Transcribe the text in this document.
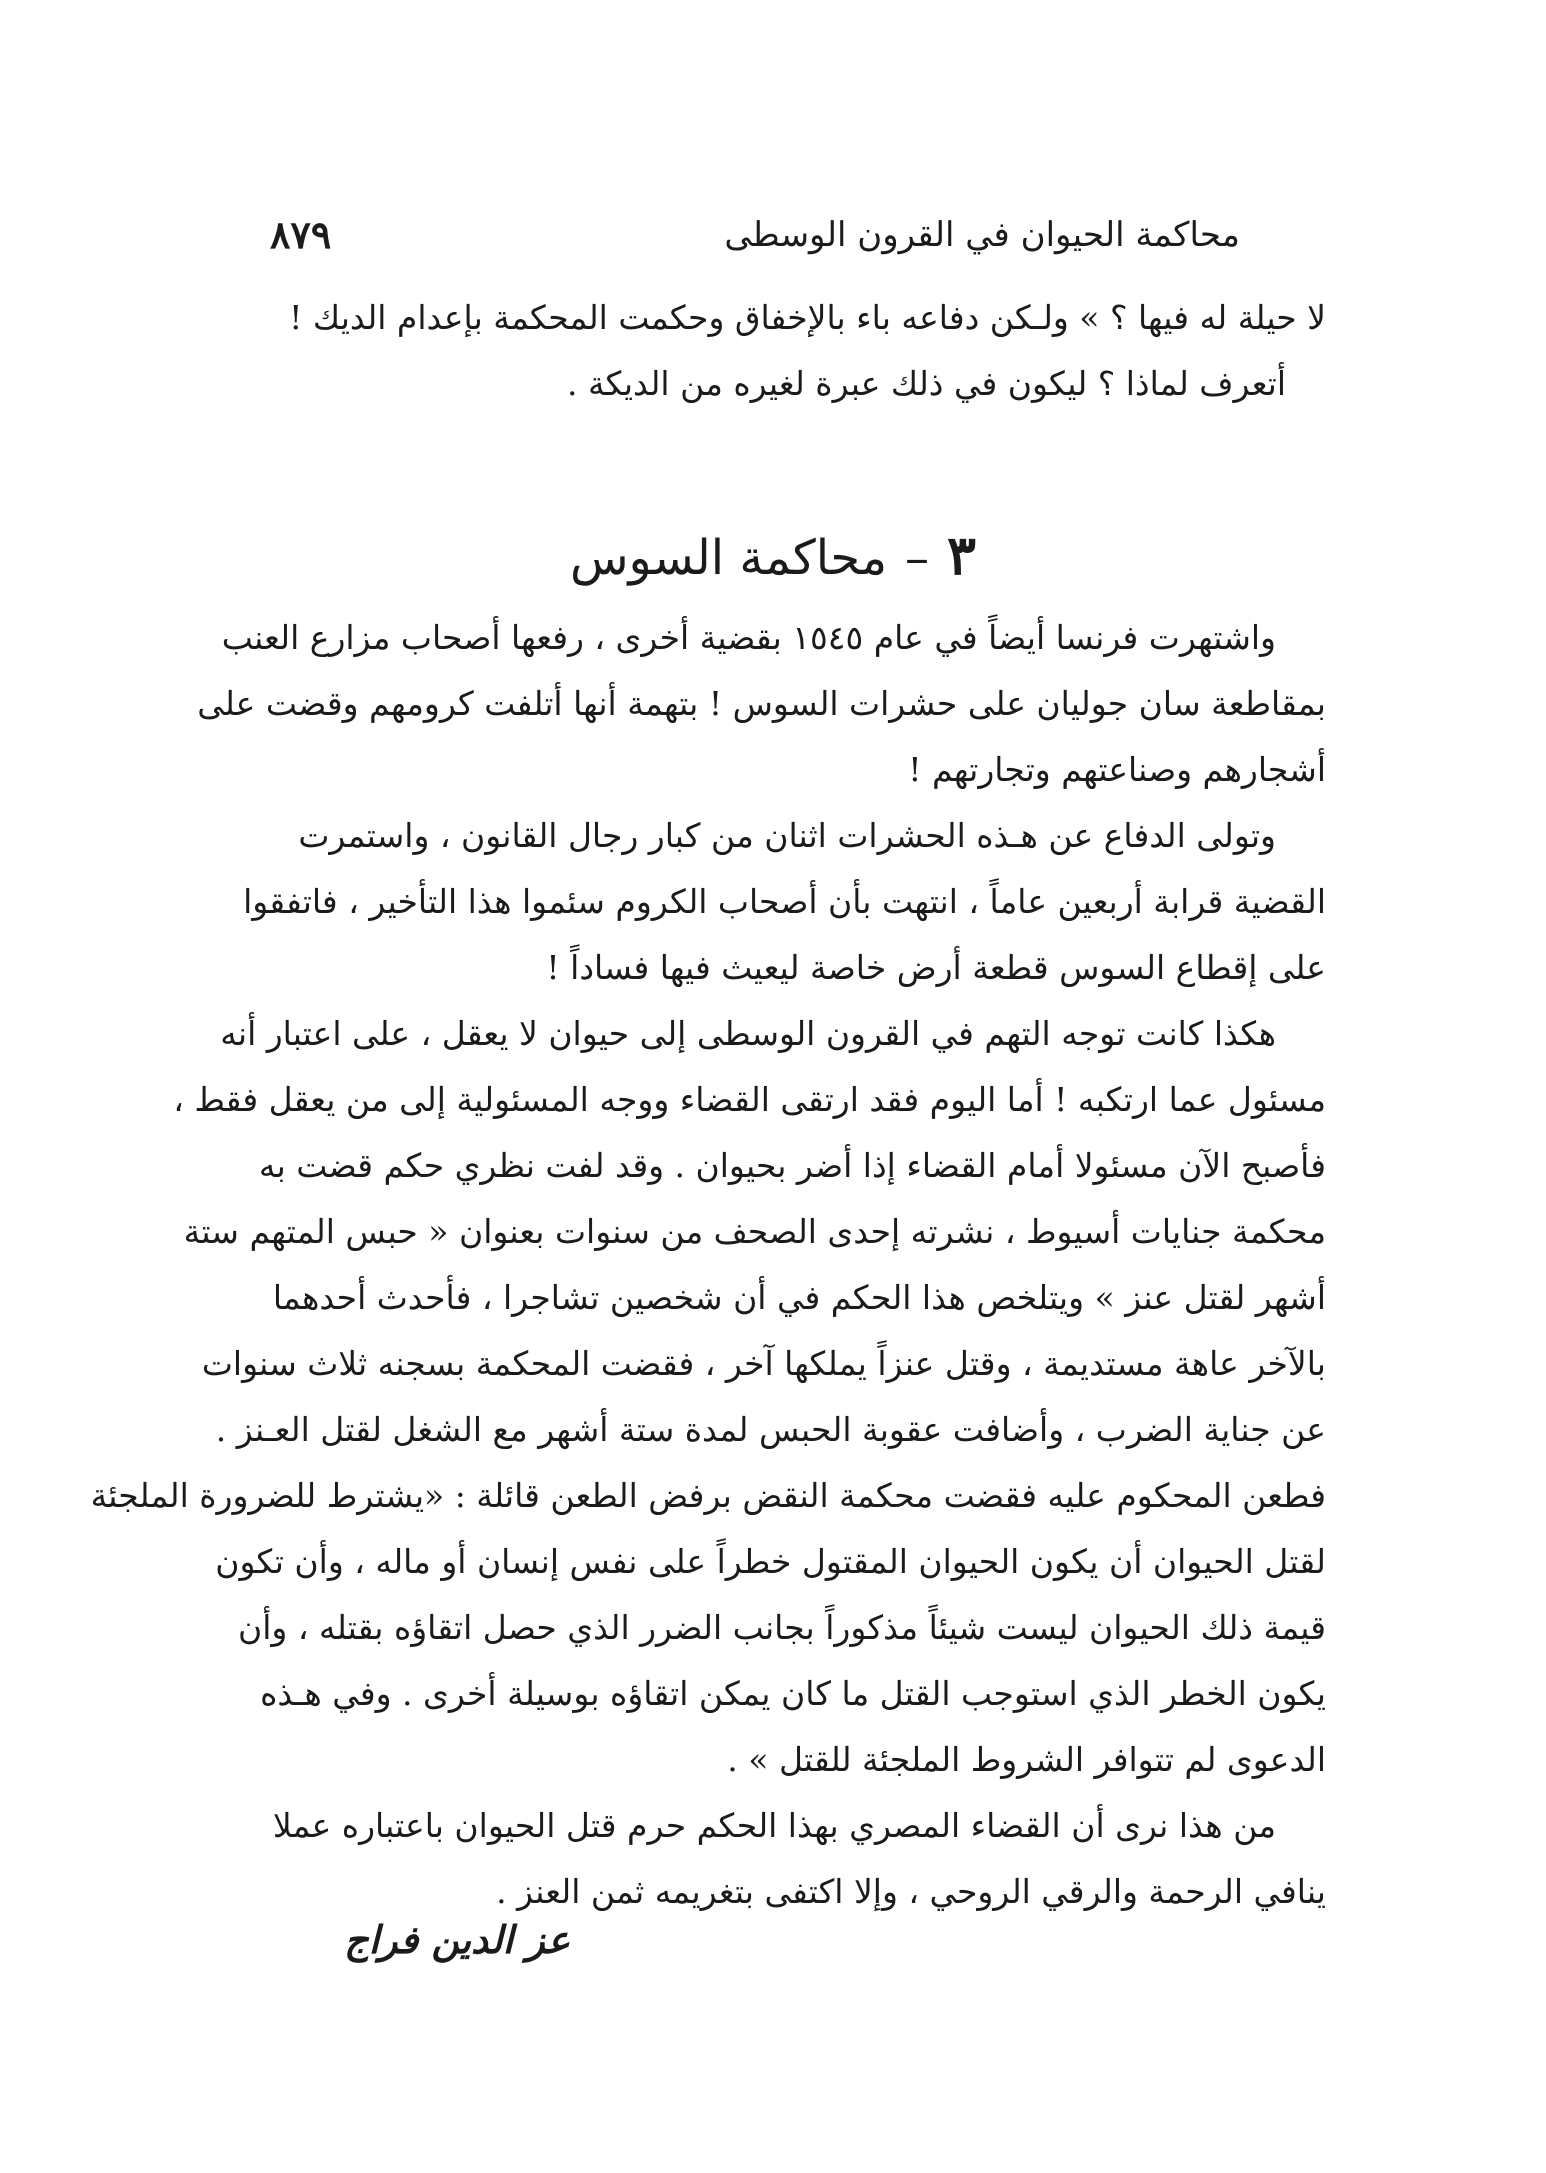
محاكمة الحيوان في القرون الوسطى
٨٧٩
لا حيلة له فيها ؟ » ولـكن دفاعه باء بالإخفاق وحكمت المحكمة بإعدام الديك !
أتعرف لماذا ؟ ليكون في ذلك عبرة لغيره من الديكة .
٣–محاكمة السوس
واشتهرت فرنسا أيضاً في عام ١٥٤٥ بقضية أخرى ، رفعها أصحاب مزارع العنب
بمقاطعة سان جوليان على حشرات السوس ! بتهمة أنها أتلفت كرومهم وقضت على
أشجارهم وصناعتهم وتجارتهم !
وتولى الدفاع عن هـذه الحشرات اثنان من كبار رجال القانون ، واستمرت
القضية قرابة أربعين عاماً ، انتهت بأن أصحاب الكروم سئموا هذا التأخير ، فاتفقوا
على إقطاع السوس قطعة أرض خاصة ليعيث فيها فساداً !
هكذا كانت توجه التهم في القرون الوسطى إلى حيوان لا يعقل ، على اعتبار أنه
مسئول عما ارتكبه ! أما اليوم فقد ارتقى القضاء ووجه المسئولية إلى من يعقل فقط ،
فأصبح الآن مسئولا أمام القضاء إذا أضر بحيوان . وقد لفت نظري حكم قضت به
محكمة جنايات أسيوط ، نشرته إحدى الصحف من سنوات بعنوان « حبس المتهم ستة
أشهر لقتل عنز » ويتلخص هذا الحكم في أن شخصين تشاجرا ، فأحدث أحدهما
بالآخر عاهة مستديمة ، وقتل عنزاً يملكها آخر ، فقضت المحكمة بسجنه ثلاث سنوات
عن جناية الضرب ، وأضافت عقوبة الحبس لمدة ستة أشهر مع الشغل لقتل العـنز .
فطعن المحكوم عليه فقضت محكمة النقض برفض الطعن قائلة : «يشترط للضرورة الملجئة
لقتل الحيوان أن يكون الحيوان المقتول خطراً على نفس إنسان أو ماله ، وأن تكون
قيمة ذلك الحيوان ليست شيئاً مذكوراً بجانب الضرر الذي حصل اتقاؤه بقتله ، وأن
يكون الخطر الذي استوجب القتل ما كان يمكن اتقاؤه بوسيلة أخرى . وفي هـذه
الدعوى لم تتوافر الشروط الملجئة للقتل » .
من هذا نرى أن القضاء المصري بهذا الحكم حرم قتل الحيوان باعتباره عملا
ينافي الرحمة والرقي الروحي ، وإلا اكتفى بتغريمه ثمن العنز .
عز الدين فراج
